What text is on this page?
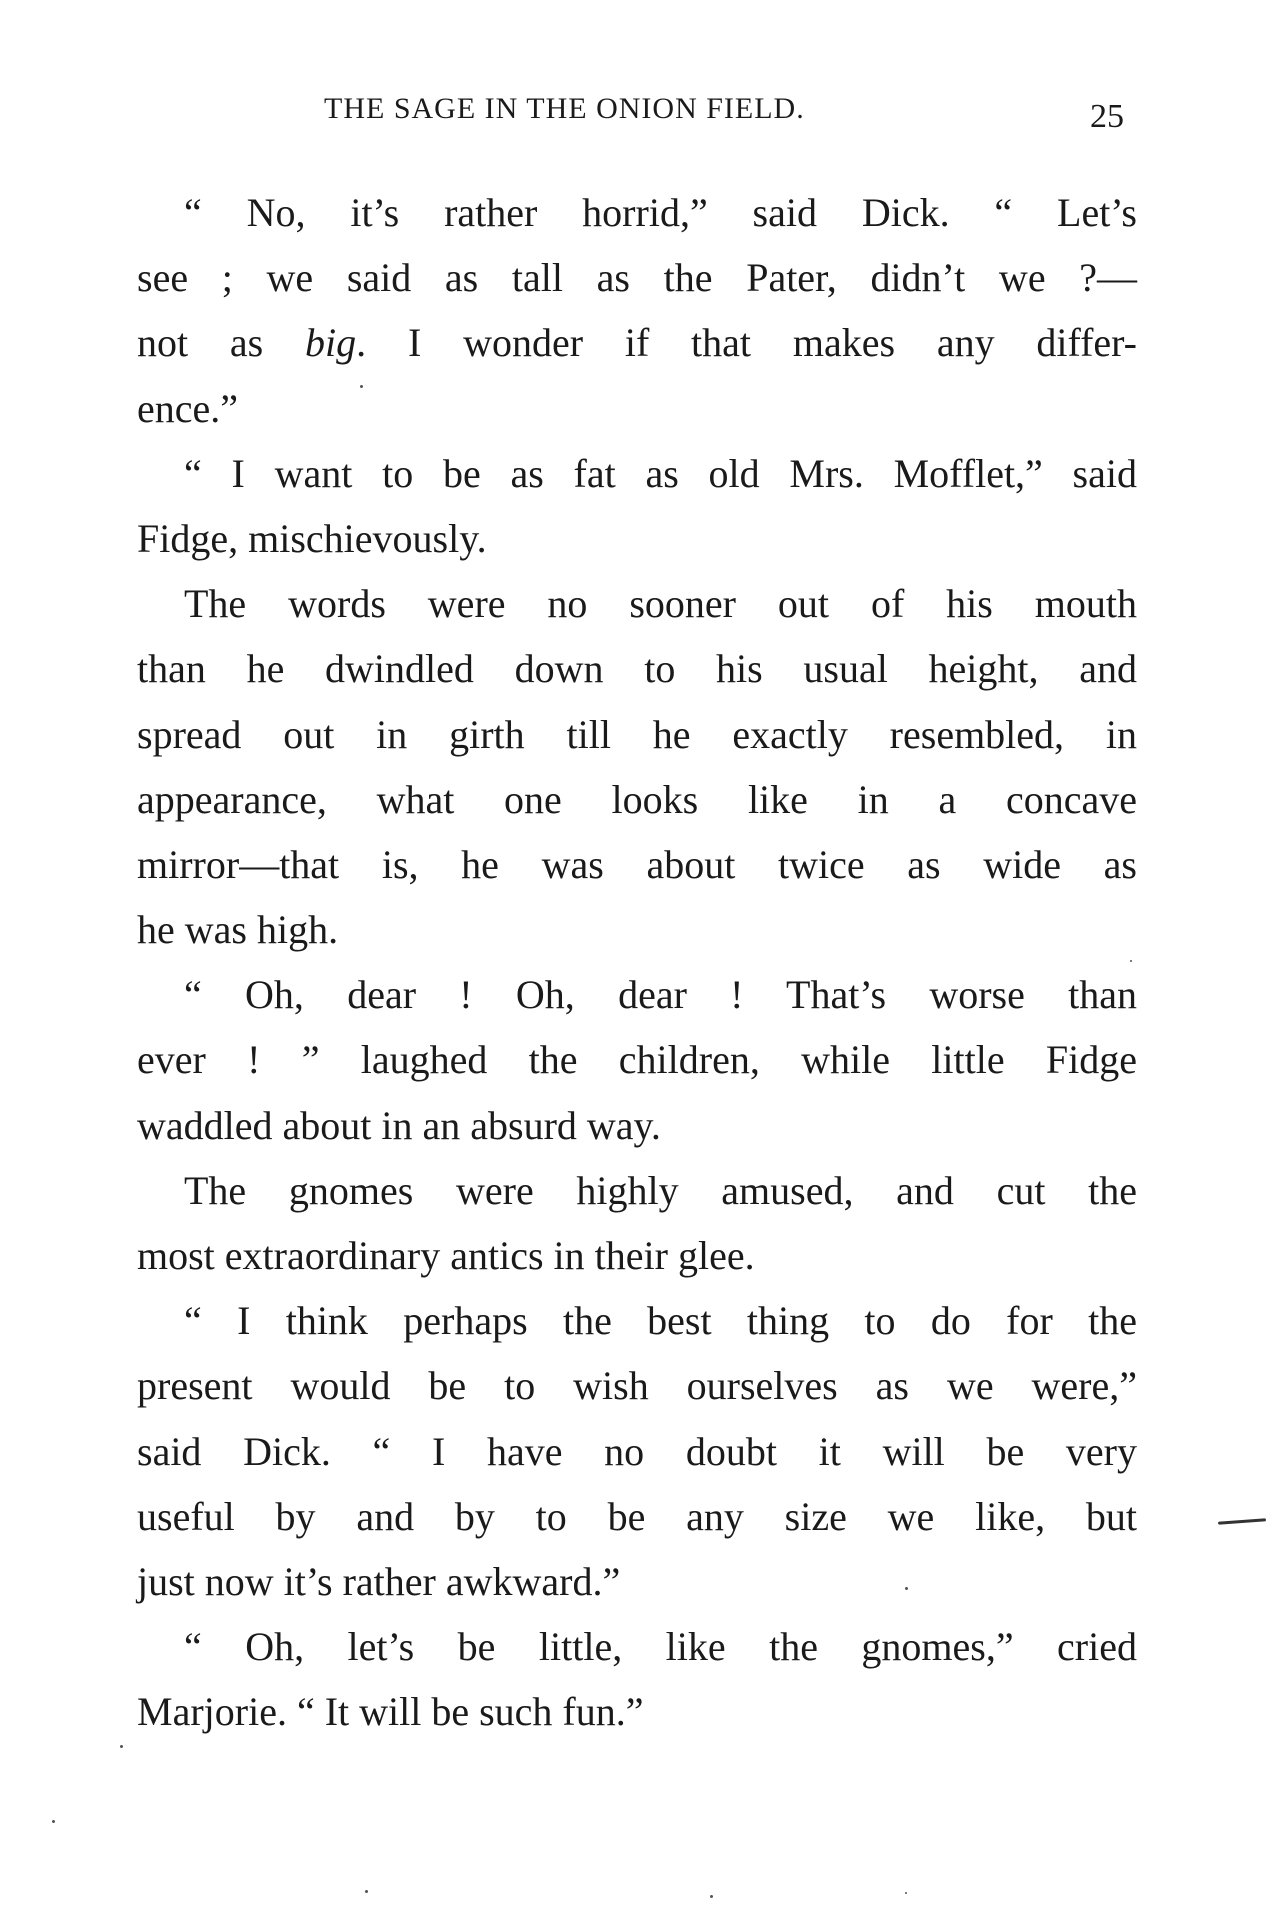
THE SAGE IN THE ONION FIELD.	25
“ No, it’s rather horrid,” said Dick. “ Let’s
see ; we said as tall as the Pater, didn’t we ?—
not as big. I wonder if that makes any differ-
ence.”
“ I want to be as fat as old Mrs. Mofflet,” said
Fidge, mischievously.
The words were no sooner out of his mouth
than he dwindled down to his usual height, and
spread out in girth till he exactly resembled, in
appearance, what one looks like in a concave
mirror—that is, he was about twice as wide as
he was high.
“ Oh, dear ! Oh, dear ! That’s worse than
ever ! ” laughed the children, while little Fidge
waddled about in an absurd way.
The gnomes were highly amused, and cut the
most extraordinary antics in their glee.
“ I think perhaps the best thing to do for the
present would be to wish ourselves as we were,”
said Dick. “ I have no doubt it will be very
useful by and by to be any size we like, but
just now it’s rather awkward.”
“ Oh, let’s be little, like the gnomes,” cried
Marjorie. “ It will be such fun.”
